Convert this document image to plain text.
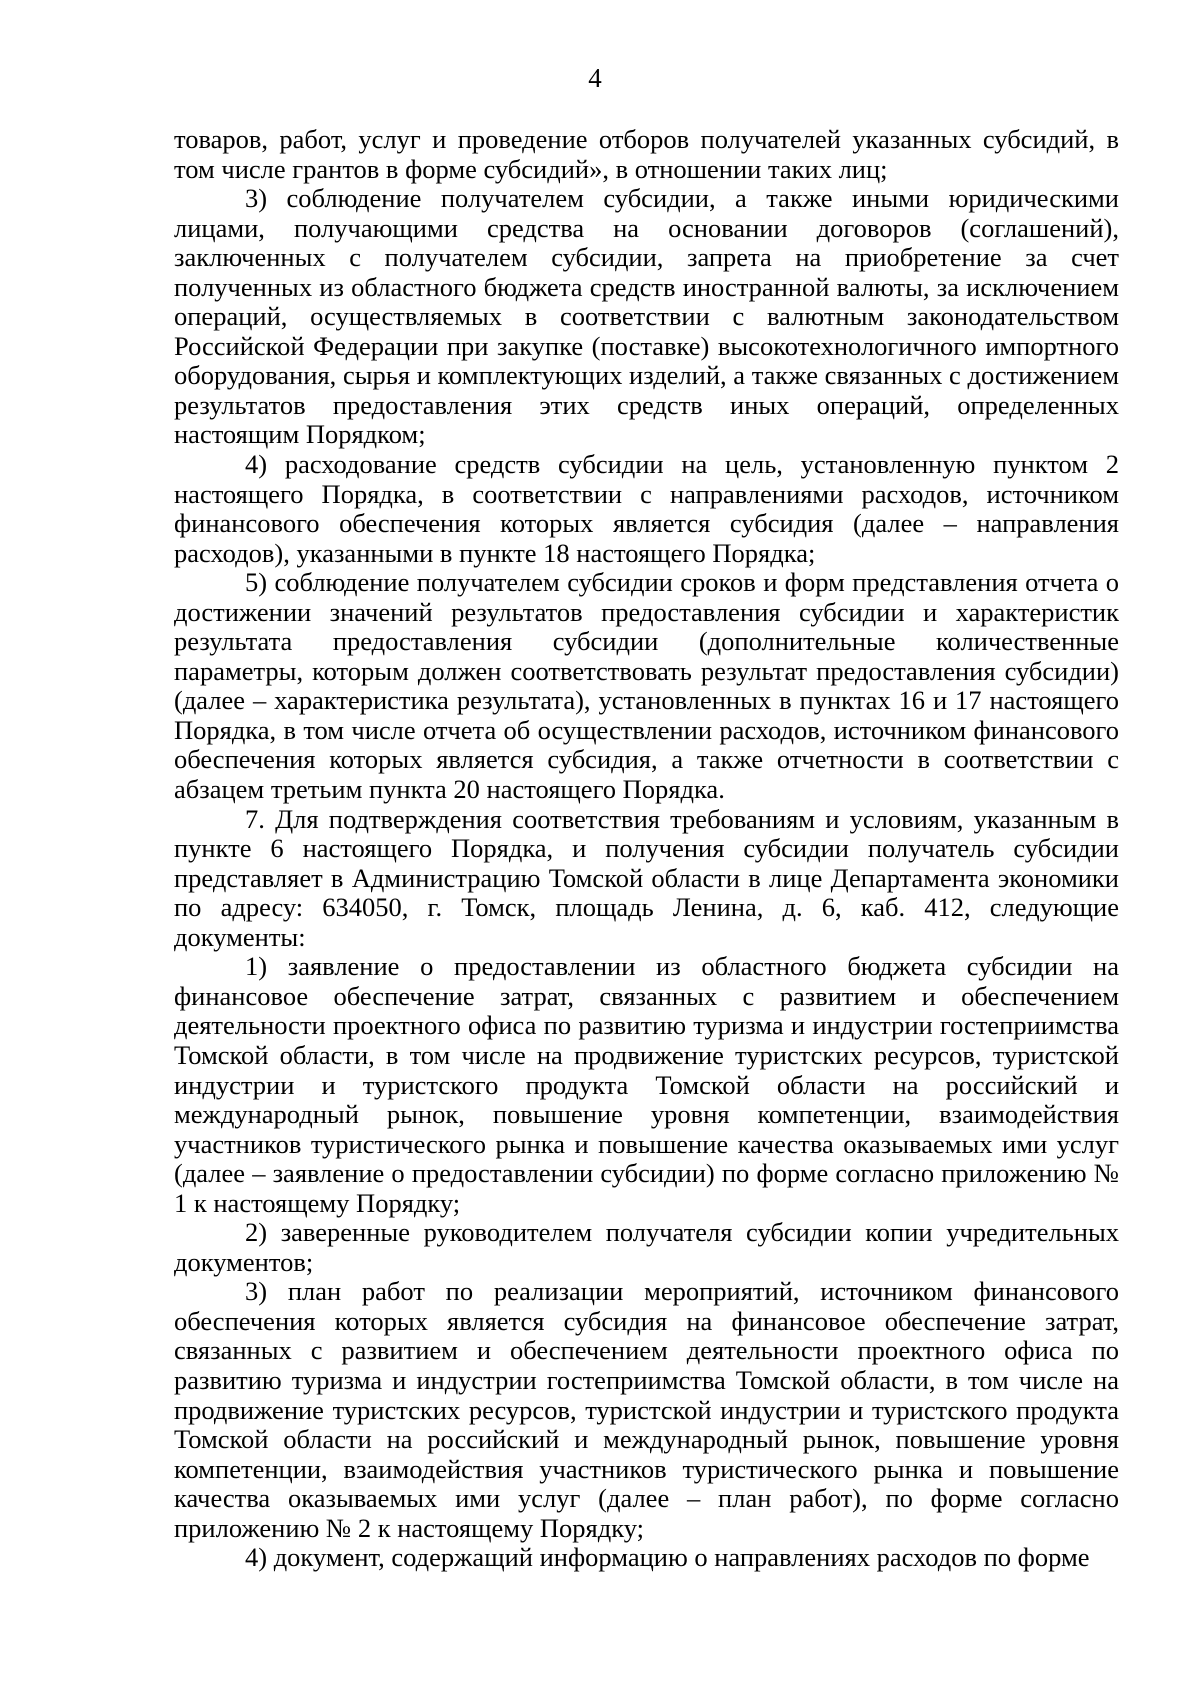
4

товаров, работ, услуг и проведение отборов получателей указанных субсидий, в том числе грантов в форме субсидий», в отношении таких лиц;

3) соблюдение получателем субсидии, а также иными юридическими лицами, получающими средства на основании договоров (соглашений), заключенных с получателем субсидии, запрета на приобретение за счет полученных из областного бюджета средств иностранной валюты, за исключением операций, осуществляемых в соответствии с валютным законодательством Российской Федерации при закупке (поставке) высокотехнологичного импортного оборудования, сырья и комплектующих изделий, а также связанных с достижением результатов предоставления этих средств иных операций, определенных настоящим Порядком;

4) расходование средств субсидии на цель, установленную пунктом 2 настоящего Порядка, в соответствии с направлениями расходов, источником финансового обеспечения которых является субсидия (далее – направления расходов), указанными в пункте 18 настоящего Порядка;

5) соблюдение получателем субсидии сроков и форм представления отчета о достижении значений результатов предоставления субсидии и характеристик результата предоставления субсидии (дополнительные количественные параметры, которым должен соответствовать результат предоставления субсидии) (далее – характеристика результата), установленных в пунктах 16 и 17 настоящего Порядка, в том числе отчета об осуществлении расходов, источником финансового обеспечения которых является субсидия, а также отчетности в соответствии с абзацем третьим пункта 20 настоящего Порядка.

7. Для подтверждения соответствия требованиям и условиям, указанным в пункте 6 настоящего Порядка, и получения субсидии получатель субсидии представляет в Администрацию Томской области в лице Департамента экономики по адресу: 634050, г. Томск, площадь Ленина, д. 6, каб. 412, следующие документы:

1) заявление о предоставлении из областного бюджета субсидии на финансовое обеспечение затрат, связанных с развитием и обеспечением деятельности проектного офиса по развитию туризма и индустрии гостеприимства Томской области, в том числе на продвижение туристских ресурсов, туристской индустрии и туристского продукта Томской области на российский и международный рынок, повышение уровня компетенции, взаимодействия участников туристического рынка и повышение качества оказываемых ими услуг (далее – заявление о предоставлении субсидии) по форме согласно приложению № 1 к настоящему Порядку;

2) заверенные руководителем получателя субсидии копии учредительных документов;

3) план работ по реализации мероприятий, источником финансового обеспечения которых является субсидия на финансовое обеспечение затрат, связанных с развитием и обеспечением деятельности проектного офиса по развитию туризма и индустрии гостеприимства Томской области, в том числе на продвижение туристских ресурсов, туристской индустрии и туристского продукта Томской области на российский и международный рынок, повышение уровня компетенции, взаимодействия участников туристического рынка и повышение качества оказываемых ими услуг (далее – план работ), по форме согласно приложению № 2 к настоящему Порядку;

4) документ, содержащий информацию о направлениях расходов по форме
